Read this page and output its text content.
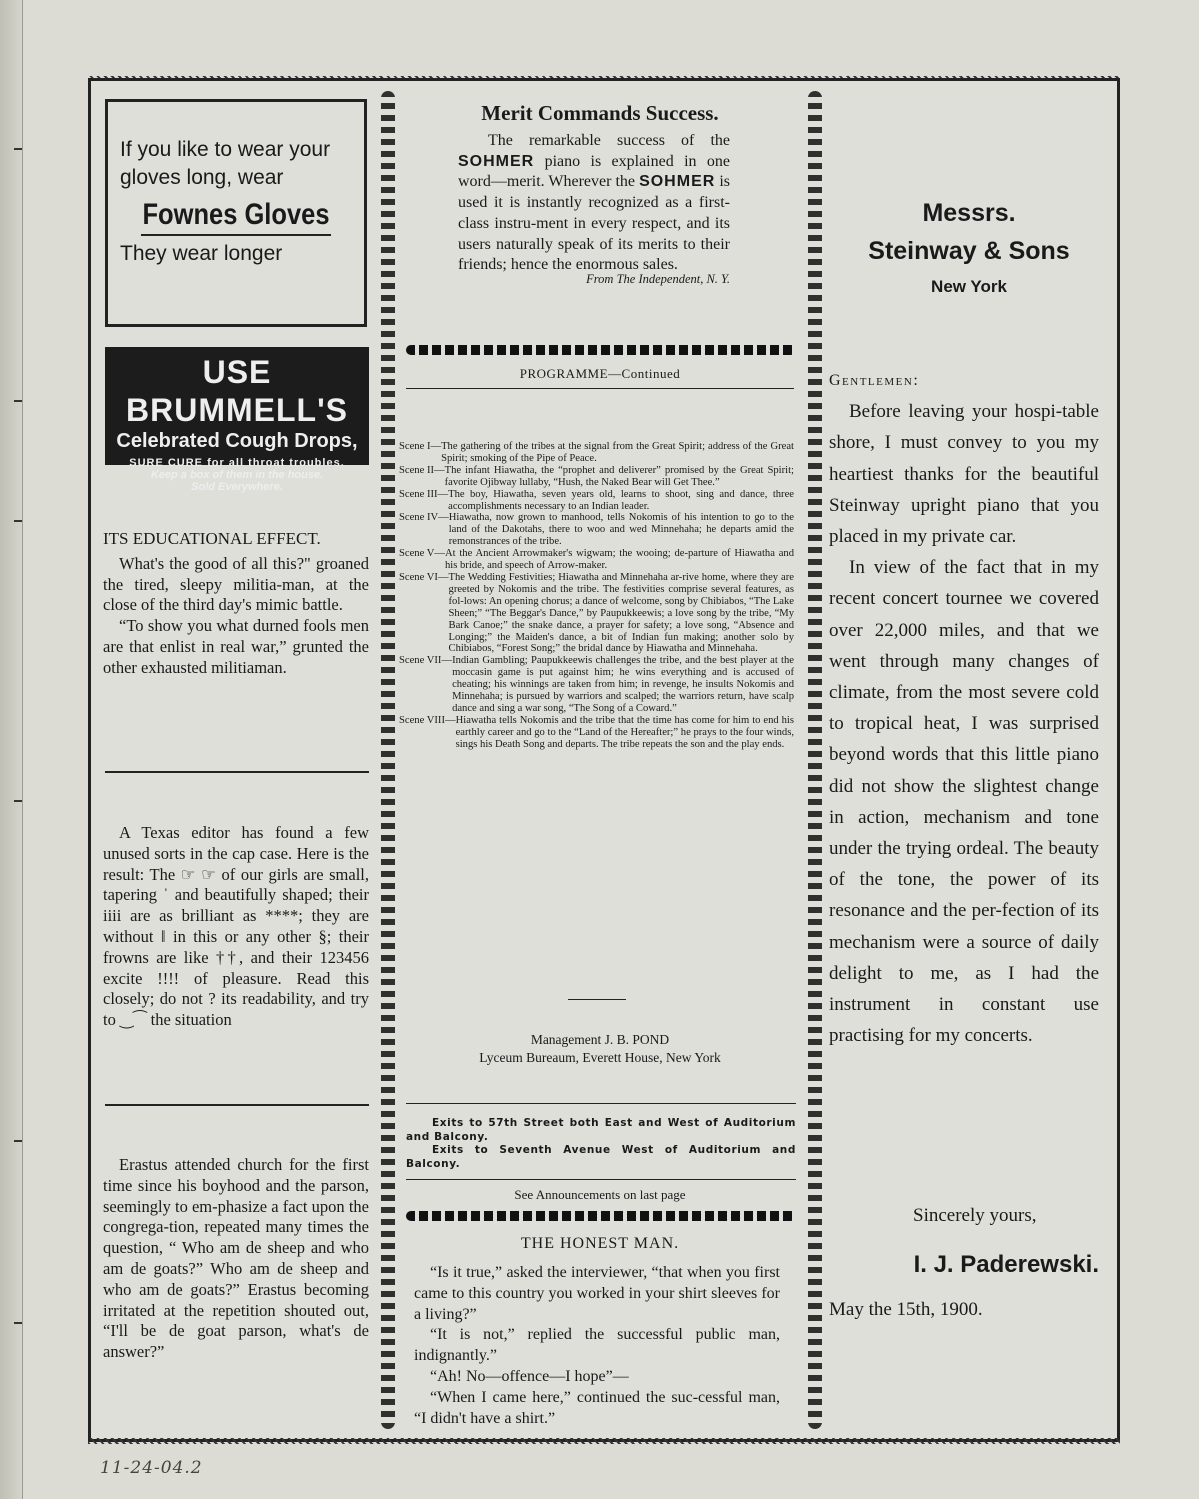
If you like to wear your gloves long, wear
Fownes Gloves
They wear longer
USE BRUMMELL'S
Celebrated Cough Drops,
SURE CURE for all throat troubles.
Keep a box of them in the house.
Sold Everywhere.
ITS EDUCATIONAL EFFECT.

What's the good of all this?" groaned the tired, sleepy militia-man, at the close of the third day's mimic battle.

“To show you what durned fools men are that enlist in real war,” grunted the other exhausted militiaman.

A Texas editor has found a few unused sorts in the cap case. Here is the result: The ☞ ☞ of our girls are small, tapering ˈ and beautifully shaped; their iiii are as brilliant as ****; they are without ‖ in this or any other §; their frowns are like ††, and their 123456 excite !!!! of pleasure. Read this closely; do not ? its readability, and try to ‿⁀ the situation

Erastus attended church for the first time since his boyhood and the parson, seemingly to em-phasize a fact upon the congrega-tion, repeated many times the question, “ Who am de sheep and who am de goats?” Who am de sheep and who am de goats?” Erastus becoming irritated at the repetition shouted out, “I'll be de goat parson, what's de answer?”

Merit Commands Success.
The remarkable success of the SOHMER piano is explained in one word—merit. Wherever the SOHMER is used it is instantly recognized as a first-class instru-ment in every respect, and its users naturally speak of its merits to their friends; hence the enormous sales.
From The Independent, N. Y.
PROGRAMME—Continued
Scene I — The gathering of the tribes at the signal from the Great Spirit; address of the Great Spirit; smoking of the Pipe of Peace.
Scene II — The infant Hiawatha, the “prophet and deliverer” promised by the Great Spirit; favorite Ojibway lullaby, “Hush, the Naked Bear will Get Thee.”
Scene III — The boy, Hiawatha, seven years old, learns to shoot, sing and dance, three accomplishments necessary to an Indian leader.
Scene IV — Hiawatha, now grown to manhood, tells Nokomis of his intention to go to the land of the Dakotahs, there to woo and wed Minnehaha; he departs amid the remonstrances of the tribe.
Scene V — At the Ancient Arrowmaker's wigwam; the wooing; de-parture of Hiawatha and his bride, and speech of Arrow-maker.
Scene VI — The Wedding Festivities; Hiawatha and Minnehaha ar-rive home, where they are greeted by Nokomis and the tribe. The festivities comprise several features, as fol-lows: An opening chorus; a dance of welcome, song by Chibiabos, “The Lake Sheen;” “The Beggar's Dance,” by Paupukkeewis; a love song by the tribe, “My Bark Canoe;” the snake dance, a prayer for safety; a love song, “Absence and Longing;” the Maiden's dance, a bit of Indian fun making; another solo by Chibiabos, “Forest Song;” the bridal dance by Hiawatha and Minnehaha.
Scene VII — Indian Gambling; Paupukkeewis challenges the tribe, and the best player at the moccasin game is put against him; he wins everything and is accused of cheating; his winnings are taken from him; in revenge, he insults Nokomis and Minnehaha; is pursued by warriors and scalped; the warriors return, have scalp dance and sing a war song, “The Song of a Coward.”
Scene VIII — Hiawatha tells Nokomis and the tribe that the time has come for him to end his earthly career and go to the “Land of the Hereafter;” he prays to the four winds, sings his Death Song and departs. The tribe repeats the son and the play ends.
Management J. B. POND
Lyceum Bureaum, Everett House, New York
Exits to 57th Street both East and West of Auditorium and Balcony.
Exits to Seventh Avenue West of Auditorium and Balcony.
See Announcements on last page
THE HONEST MAN.

“Is it true,” asked the interviewer, “that when you first came to this country you worked in your shirt sleeves for a living?”

“It is not,” replied the successful public man, indignantly.”

“Ah! No—offence—I hope”—

“When I came here,” continued the suc-cessful man, “I didn't have a shirt.”

Messrs.
Steinway & Sons
New York
Gentlemen:

Before leaving your hospi-table shore, I must convey to you my heartiest thanks for the beautiful Steinway upright piano that you placed in my private car.

In view of the fact that in my recent concert tournee we covered over 22,000 miles, and that we went through many changes of climate, from the most severe cold to tropical heat, I was surprised beyond words that this little piano did not show the slightest change in action, mechanism and tone under the trying ordeal. The beauty of the tone, the power of its resonance and the per-fection of its mechanism were a source of daily delight to me, as I had the instrument in constant use practising for my concerts.

Sincerely yours,
I. J. Paderewski.
May the 15th, 1900.
11-24-04.2
